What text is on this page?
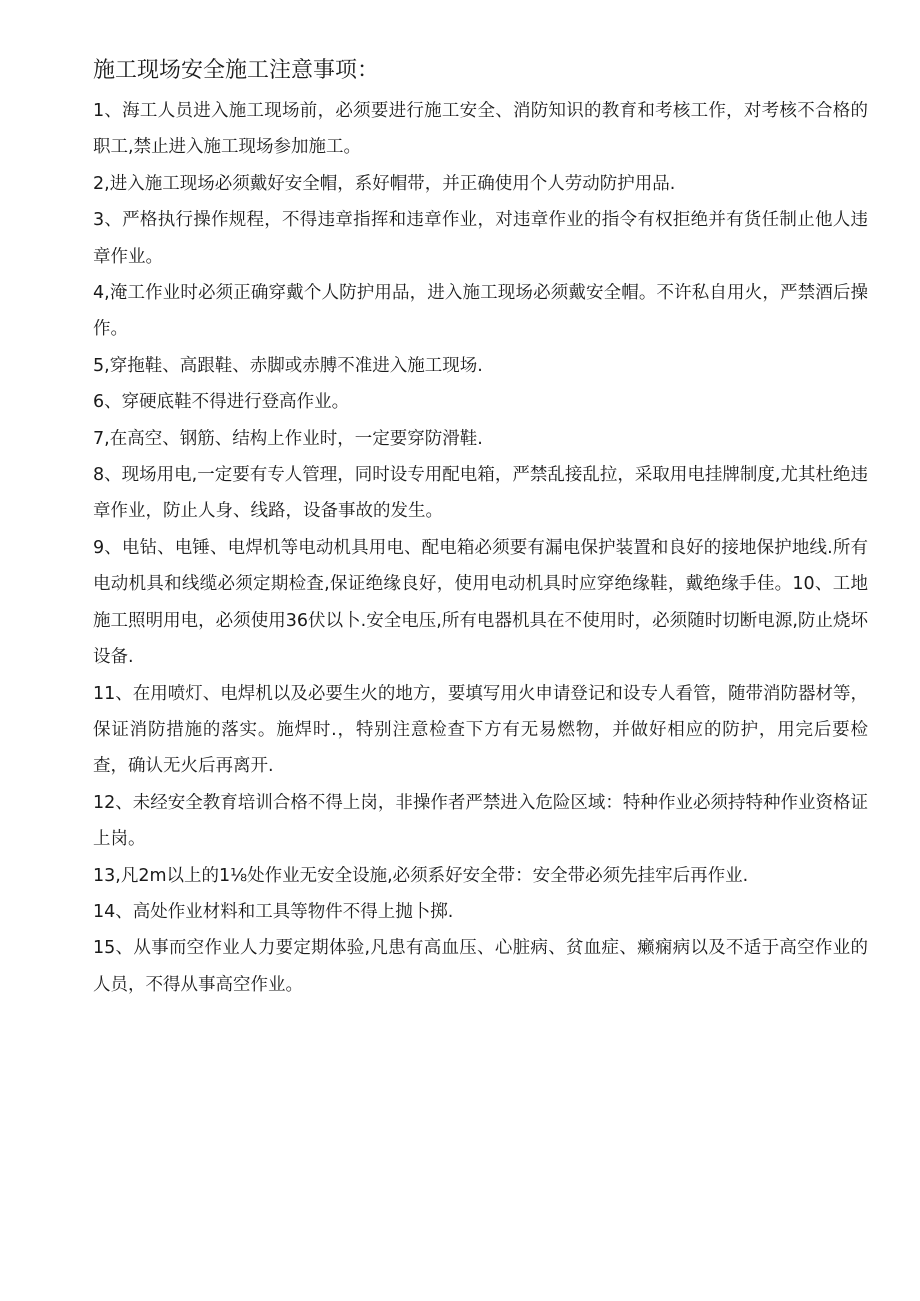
施工现场安全施工注意事项：

1、海工人员进入施工现场前，必须要进行施工安全、消防知识的教育和考核工作，对考核不合格的职工,禁止进入施工现场参加施工。

2,进入施工现场必须戴好安全帽，系好帽带，并正确使用个人劳动防护用品.

3、严格执行操作规程，不得违章指挥和违章作业，对违章作业的指令有权拒绝并有货任制止他人违章作业。

4,淹工作业时必须正确穿戴个人防护用品，进入施工现场必须戴安全帽。不许私自用火，严禁酒后操作。

5,穿拖鞋、高跟鞋、赤脚或赤膊不准进入施工现场.

6、穿硬底鞋不得进行登高作业。

7,在高空、钢筋、结构上作业时，一定要穿防滑鞋.

8、现场用电,一定要有专人管理，同时设专用配电箱，严禁乱接乱拉，采取用电挂牌制度,尤其杜绝违章作业，防止人身、线路，设备事故的发生。

9、电钻、电锤、电焊机等电动机具用电、配电箱必须要有漏电保护装置和良好的接地保护地线.所有电动机具和线缆必须定期检査,保证绝缘良好，使用电动机具时应穿绝缘鞋，戴绝缘手佳。10、工地施工照明用电，必须使用36伏以卜.安全电压,所有电器机具在不使用时，必须随时切断电源,防止烧坏设备.

11、在用喷灯、电焊机以及必要生火的地方，要填写用火申请登记和设专人看管，随带消防器材等，保证消防措施的落实。施焊时.，特别注意检查下方有无易燃物，并做好相应的防护，用完后要检查，确认无火后再离开.

12、未经安全教育培训合格不得上岗，非操作者严禁进入危险区域：特种作业必须持特种作业资格证上岗。

13,凡2m以上的1⅛处作业无安全设施,必须系好安全带：安全带必须先挂牢后再作业.

14、高处作业材料和工具等物件不得上抛卜掷.

15、从事而空作业人力要定期体验,凡患有高血压、心脏病、贫血症、癞痫病以及不适于高空作业的人员，不得从事高空作业。
